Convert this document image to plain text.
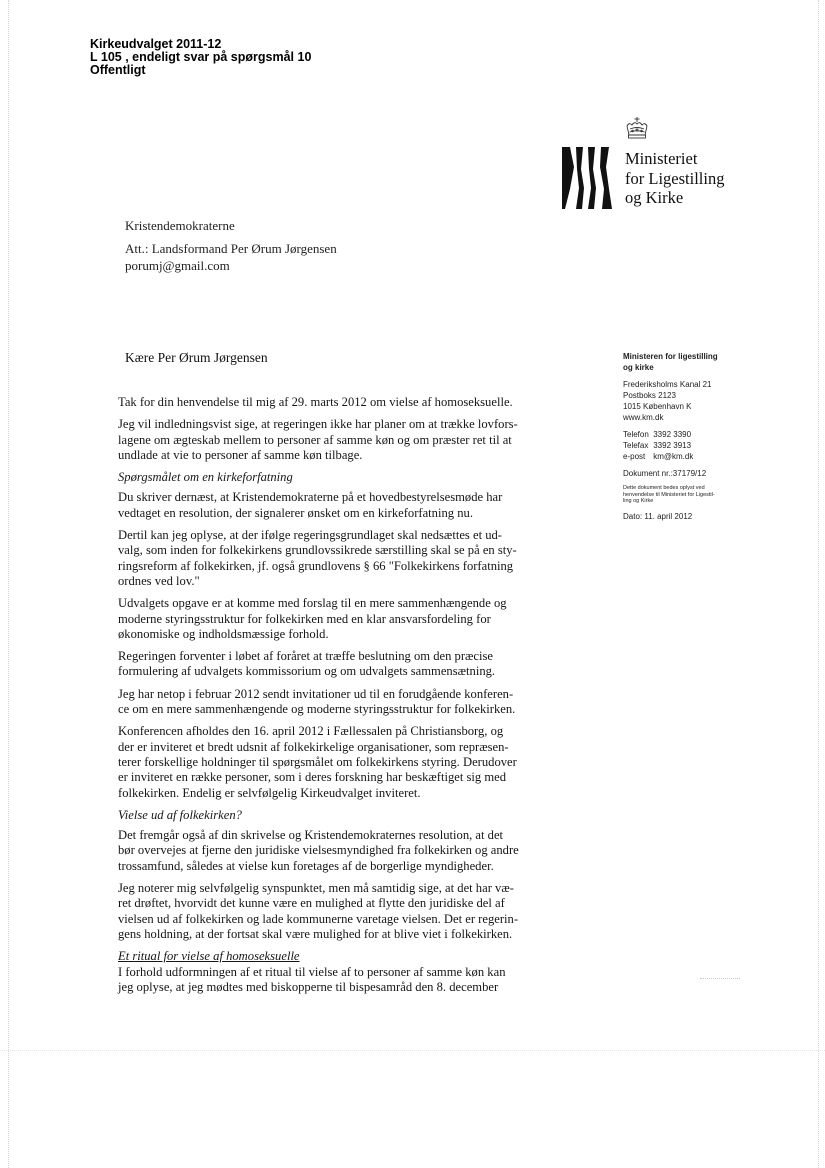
Kirkeudvalget 2011-12
L 105 , endeligt svar på spørgsmål 10
Offentligt
Ministeriet
for Ligestilling
og Kirke
Kristendemokraterne
Att.: Landsformand Per Ørum Jørgensen
porumj@gmail.com
Ministeren for ligestilling
og kirke
Frederiksholms Kanal 21
Postboks 2123
1015 København K
www.km.dk
Telefon 3392 3390
Telefax 3392 3913
e-post km@km.dk
Dokument nr.:37179/12
Dette dokument bedes oplyst ved
henvendelse til Ministeriet for Ligestil-
ling og Kirke
Dato: 11. april 2012
Kære Per Ørum Jørgensen

Tak for din henvendelse til mig af 29. marts 2012 om vielse af homoseksuelle.

Jeg vil indledningsvist sige, at regeringen ikke har planer om at trække lovfors-
lagene om ægteskab mellem to personer af samme køn og om præster ret til at
undlade at vie to personer af samme køn tilbage.

Spørgsmålet om en kirkeforfatning

Du skriver dernæst, at Kristendemokraterne på et hovedbestyrelsesmøde har
vedtaget en resolution, der signalerer ønsket om en kirkeforfatning nu.

Dertil kan jeg oplyse, at der ifølge regeringsgrundlaget skal nedsættes et ud-
valg, som inden for folkekirkens grundlovssikrede særstilling skal se på en sty-
ringsreform af folkekirken, jf. også grundlovens § 66 "Folkekirkens forfatning
ordnes ved lov."

Udvalgets opgave er at komme med forslag til en mere sammenhængende og
moderne styringsstruktur for folkekirken med en klar ansvarsfordeling for
økonomiske og indholdsmæssige forhold.

Regeringen forventer i løbet af foråret at træffe beslutning om den præcise
formulering af udvalgets kommissorium og om udvalgets sammensætning.

Jeg har netop i februar 2012 sendt invitationer ud til en forudgående konferen-
ce om en mere sammenhængende og moderne styringsstruktur for folkekirken.

Konferencen afholdes den 16. april 2012 i Fællessalen på Christiansborg, og
der er inviteret et bredt udsnit af folkekirkelige organisationer, som repræsen-
terer forskellige holdninger til spørgsmålet om folkekirkens styring. Derudover
er inviteret en række personer, som i deres forskning har beskæftiget sig med
folkekirken. Endelig er selvfølgelig Kirkeudvalget inviteret.

Vielse ud af folkekirken?

Det fremgår også af din skrivelse og Kristendemokraternes resolution, at det
bør overvejes at fjerne den juridiske vielsesmyndighed fra folkekirken og andre
trossamfund, således at vielse kun foretages af de borgerlige myndigheder.

Jeg noterer mig selvfølgelig synspunktet, men må samtidig sige, at det har væ-
ret drøftet, hvorvidt det kunne være en mulighed at flytte den juridiske del af
vielsen ud af folkekirken og lade kommunerne varetage vielsen. Det er regerin-
gens holdning, at der fortsat skal være mulighed for at blive viet i folkekirken.

Et ritual for vielse af homoseksuelle

I forhold udformningen af et ritual til vielse af to personer af samme køn kan
jeg oplyse, at jeg mødtes med biskopperne til bispesamråd den 8. december
